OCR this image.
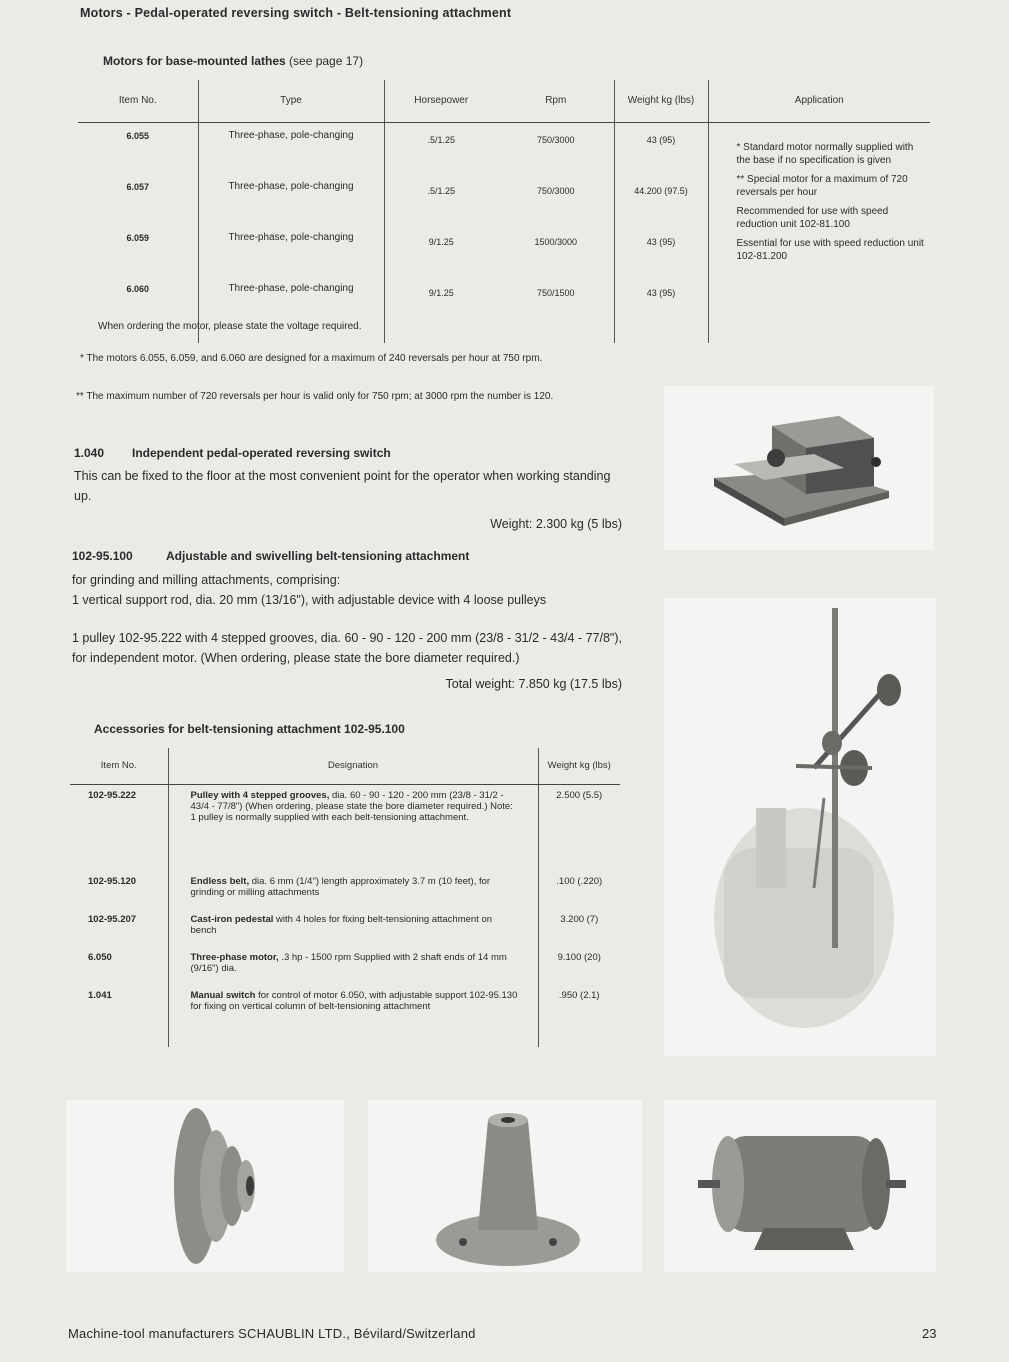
Motors - Pedal-operated reversing switch - Belt-tensioning attachment
Motors for base-mounted lathes (see page 17)
Item No.	Type	Horsepower	Rpm	Weight kg (lbs)	Application
6.055	Three-phase, pole-changing	.5/1.25	750/3000	43 (95)	* Standard motor normally supplied with the base if no specification is given
** Special motor for a maximum of 720 reversals per hour
Recommended for use with speed reduction unit 102-81.100
Essential for use with speed reduction unit 102-81.200

6.057	Three-phase, pole-changing	.5/1.25	750/3000	44.200 (97.5)	
6.059	Three-phase, pole-changing	9/1.25	1500/3000	43 (95)	
6.060	Three-phase, pole-changing	9/1.25	750/1500	43 (95)	
When ordering the motor, please state the voltage required.
* The motors 6.055, 6.059, and 6.060 are designed for a maximum of 240 reversals per hour at 750 rpm.
** The maximum number of 720 reversals per hour is valid only for 750 rpm; at 3000 rpm the number is 120.
1.040 Independent pedal-operated reversing switch
This can be fixed to the floor at the most convenient point for the operator when working standing up.
Weight: 2.300 kg (5 lbs)
102-95.100	Adjustable and swivelling belt-tensioning attachment
for grinding and milling attachments, comprising:
1 vertical support rod, dia. 20 mm (13/16"), with adjustable device with 4 loose pulleys
1 pulley 102-95.222 with 4 stepped grooves, dia. 60 - 90 - 120 - 200 mm (23/8 - 31/2 - 43/4 - 77/8"), for independent motor. (When ordering, please state the bore diameter required.)
Total weight: 7.850 kg (17.5 lbs)
Accessories for belt-tensioning attachment 102-95.100
Item No.	Designation	Weight kg (lbs)
102-95.222	Pulley with 4 stepped grooves, dia. 60 - 90 - 120 - 200 mm (23/8 - 31/2 - 43/4 - 77/8") (When ordering, please state the bore diameter required.) Note: 1 pulley is normally supplied with each belt-tensioning attachment.	2.500 (5.5)
102-95.120	Endless belt, dia. 6 mm (1/4") length approximately 3.7 m (10 feet), for grinding or milling attachments	.100 (.220)
102-95.207	Cast-iron pedestal with 4 holes for fixing belt-tensioning attachment on bench	3.200 (7)
6.050	Three-phase motor, .3 hp - 1500 rpm Supplied with 2 shaft ends of 14 mm (9/16") dia.	9.100 (20)
1.041	Manual switch for control of motor 6.050, with adjustable support 102-95.130 for fixing on vertical column of belt-tensioning attachment	.950 (2.1)
Machine-tool manufacturers SCHAUBLIN LTD., Bévilard/Switzerland	23
